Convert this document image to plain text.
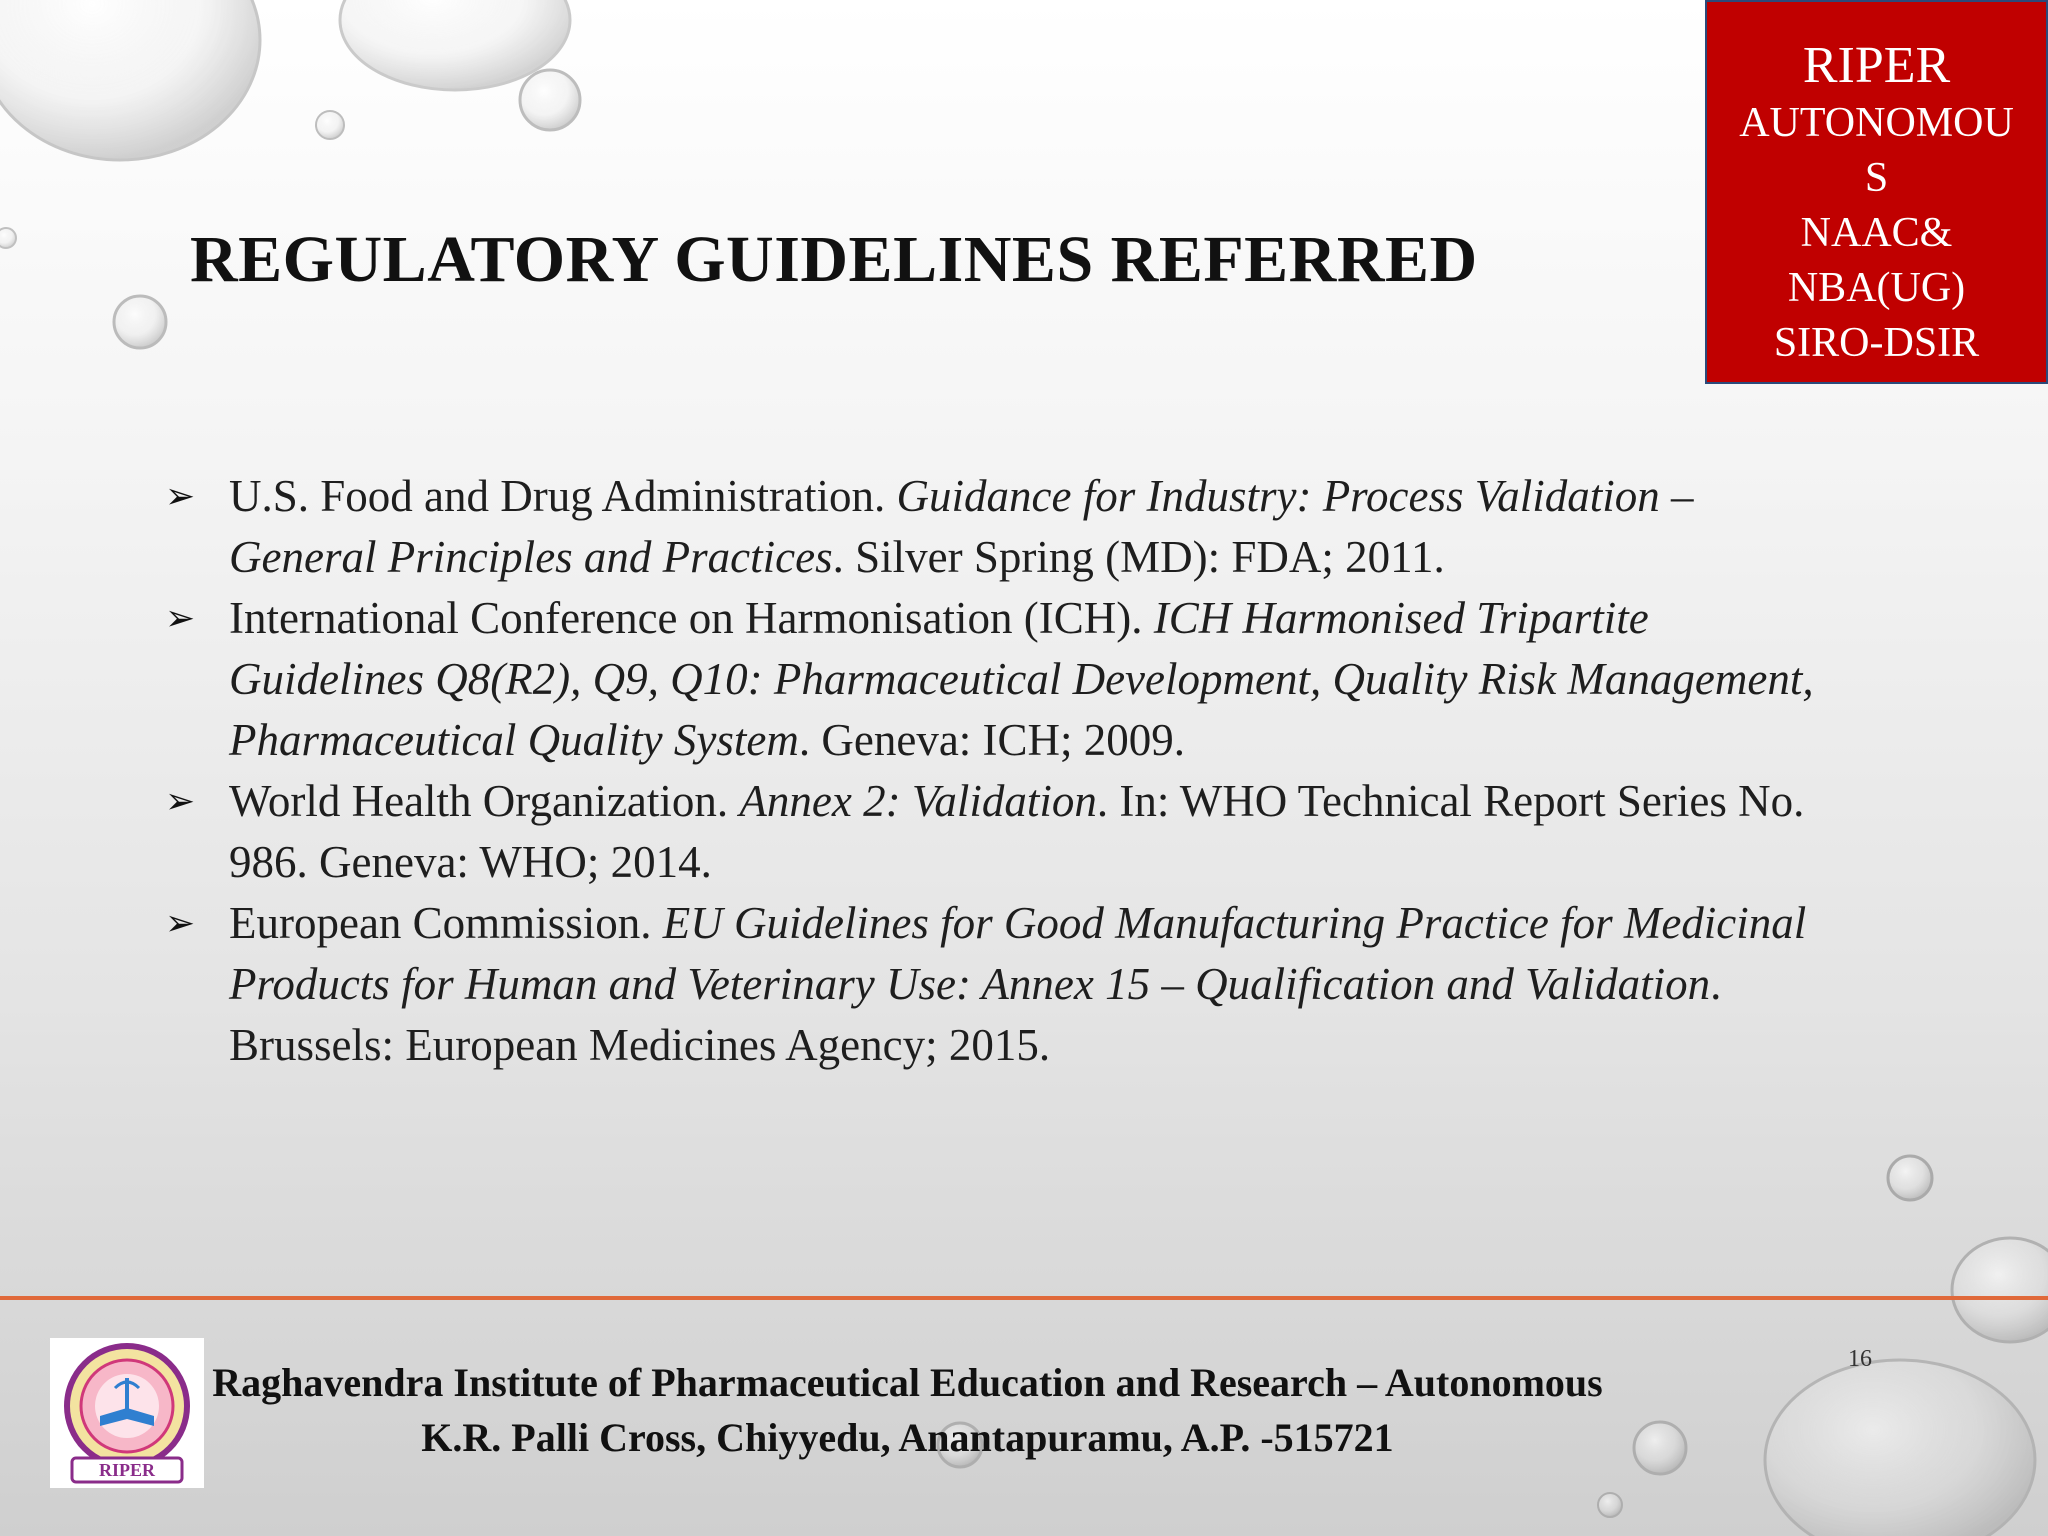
RIPER
AUTONOMOU
S
NAAC&
NBA(UG)
SIRO-DSIR
REGULATORY GUIDELINES REFERRED
➢ U.S. Food and Drug Administration. Guidance for Industry: Process Validation – General Principles and Practices. Silver Spring (MD): FDA; 2011.
➢ International Conference on Harmonisation (ICH). ICH Harmonised Tripartite Guidelines Q8(R2), Q9, Q10: Pharmaceutical Development, Quality Risk Management, Pharmaceutical Quality System. Geneva: ICH; 2009.
➢ World Health Organization. Annex 2: Validation. In: WHO Technical Report Series No. 986. Geneva: WHO; 2014.
➢ European Commission. EU Guidelines for Good Manufacturing Practice for Medicinal Products for Human and Veterinary Use: Annex 15 – Qualification and Validation. Brussels: European Medicines Agency; 2015.
RIPER
Raghavendra Institute of Pharmaceutical Education and Research – Autonomous
K.R. Palli Cross, Chiyyedu, Anantapuramu, A.P. -515721
16
